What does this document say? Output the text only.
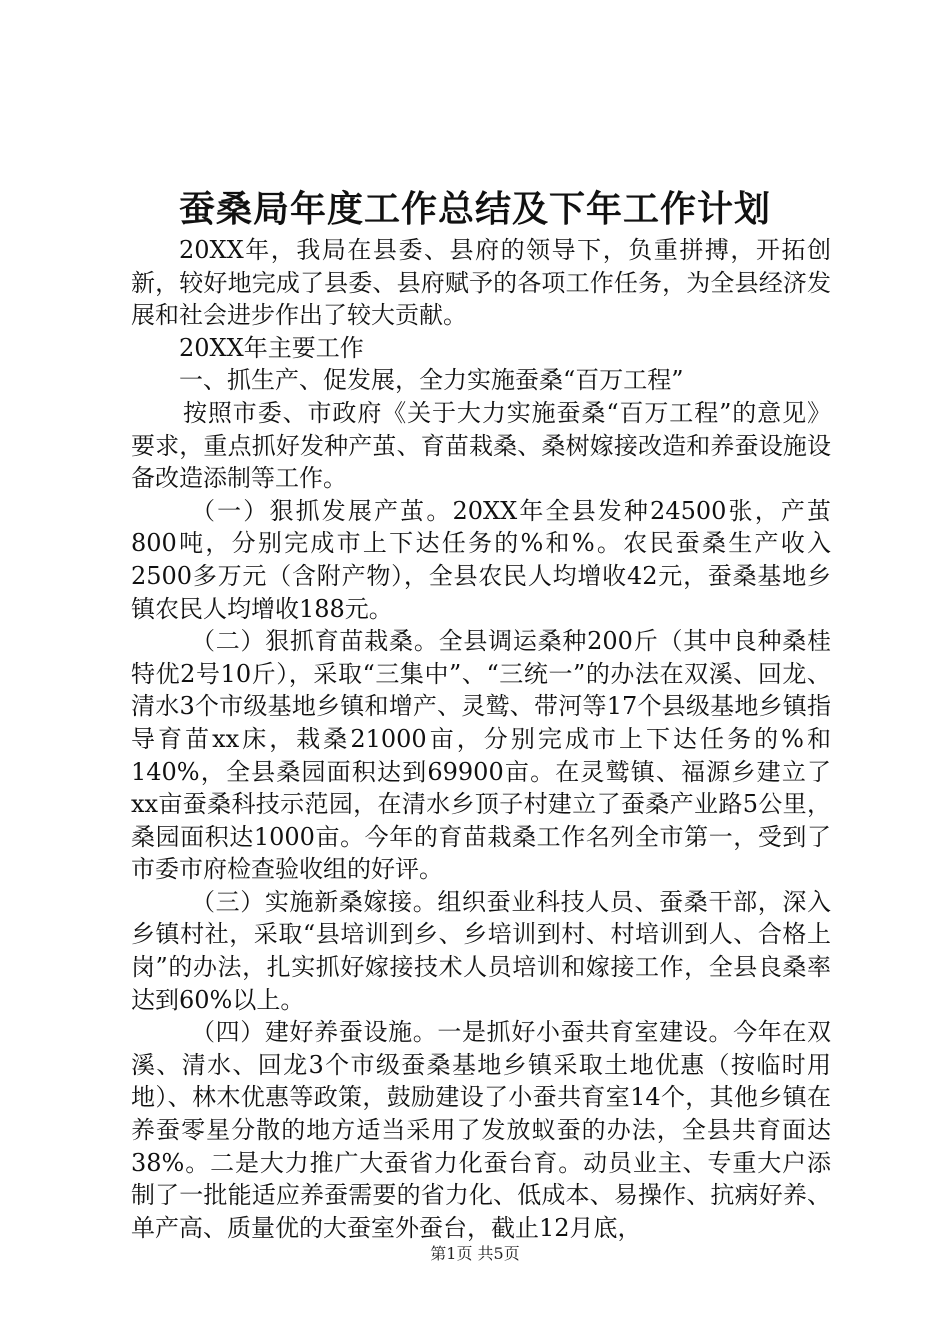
蚕桑局年度工作总结及下年工作计划

20XX年，我局在县委、县府的领导下，负重拼搏，开拓创新，较好地完成了县委、县府赋予的各项工作任务，为全县经济发展和社会进步作出了较大贡献。

20XX年主要工作

一、抓生产、促发展，全力实施蚕桑“百万工程”

按照市委、市政府《关于大力实施蚕桑“百万工程”的意见》要求，重点抓好发种产茧、育苗栽桑、桑树嫁接改造和养蚕设施设备改造添制等工作。

（一）狠抓发展产茧。20XX年全县发种24500张，产茧800吨，分别完成市上下达任务的%和%。农民蚕桑生产收入2500多万元（含附产物），全县农民人均增收42元，蚕桑基地乡镇农民人均增收188元。

（二）狠抓育苗栽桑。全县调运桑种200斤（其中良种桑桂特优2号10斤），采取“三集中”、“三统一”的办法在双溪、回龙、清水3个市级基地乡镇和增产、灵鹫、带河等17个县级基地乡镇指导育苗xx床，栽桑21000亩，分别完成市上下达任务的%和140%，全县桑园面积达到69900亩。在灵鹫镇、福源乡建立了xx亩蚕桑科技示范园，在清水乡顶子村建立了蚕桑产业路5公里，桑园面积达1000亩。今年的育苗栽桑工作名列全市第一，受到了市委市府检查验收组的好评。

（三）实施新桑嫁接。组织蚕业科技人员、蚕桑干部，深入乡镇村社，采取“县培训到乡、乡培训到村、村培训到人、合格上岗”的办法，扎实抓好嫁接技术人员培训和嫁接工作，全县良桑率达到60%以上。

（四）建好养蚕设施。一是抓好小蚕共育室建设。今年在双溪、清水、回龙3个市级蚕桑基地乡镇采取土地优惠（按临时用地）、林木优惠等政策，鼓励建设了小蚕共育室14个，其他乡镇在养蚕零星分散的地方适当采用了发放蚁蚕的办法，全县共育面达38%。二是大力推广大蚕省力化蚕台育。动员业主、专重大户添制了一批能适应养蚕需要的省力化、低成本、易操作、抗病好养、单产高、质量优的大蚕室外蚕台，截止12月底，

第1页 共5页
